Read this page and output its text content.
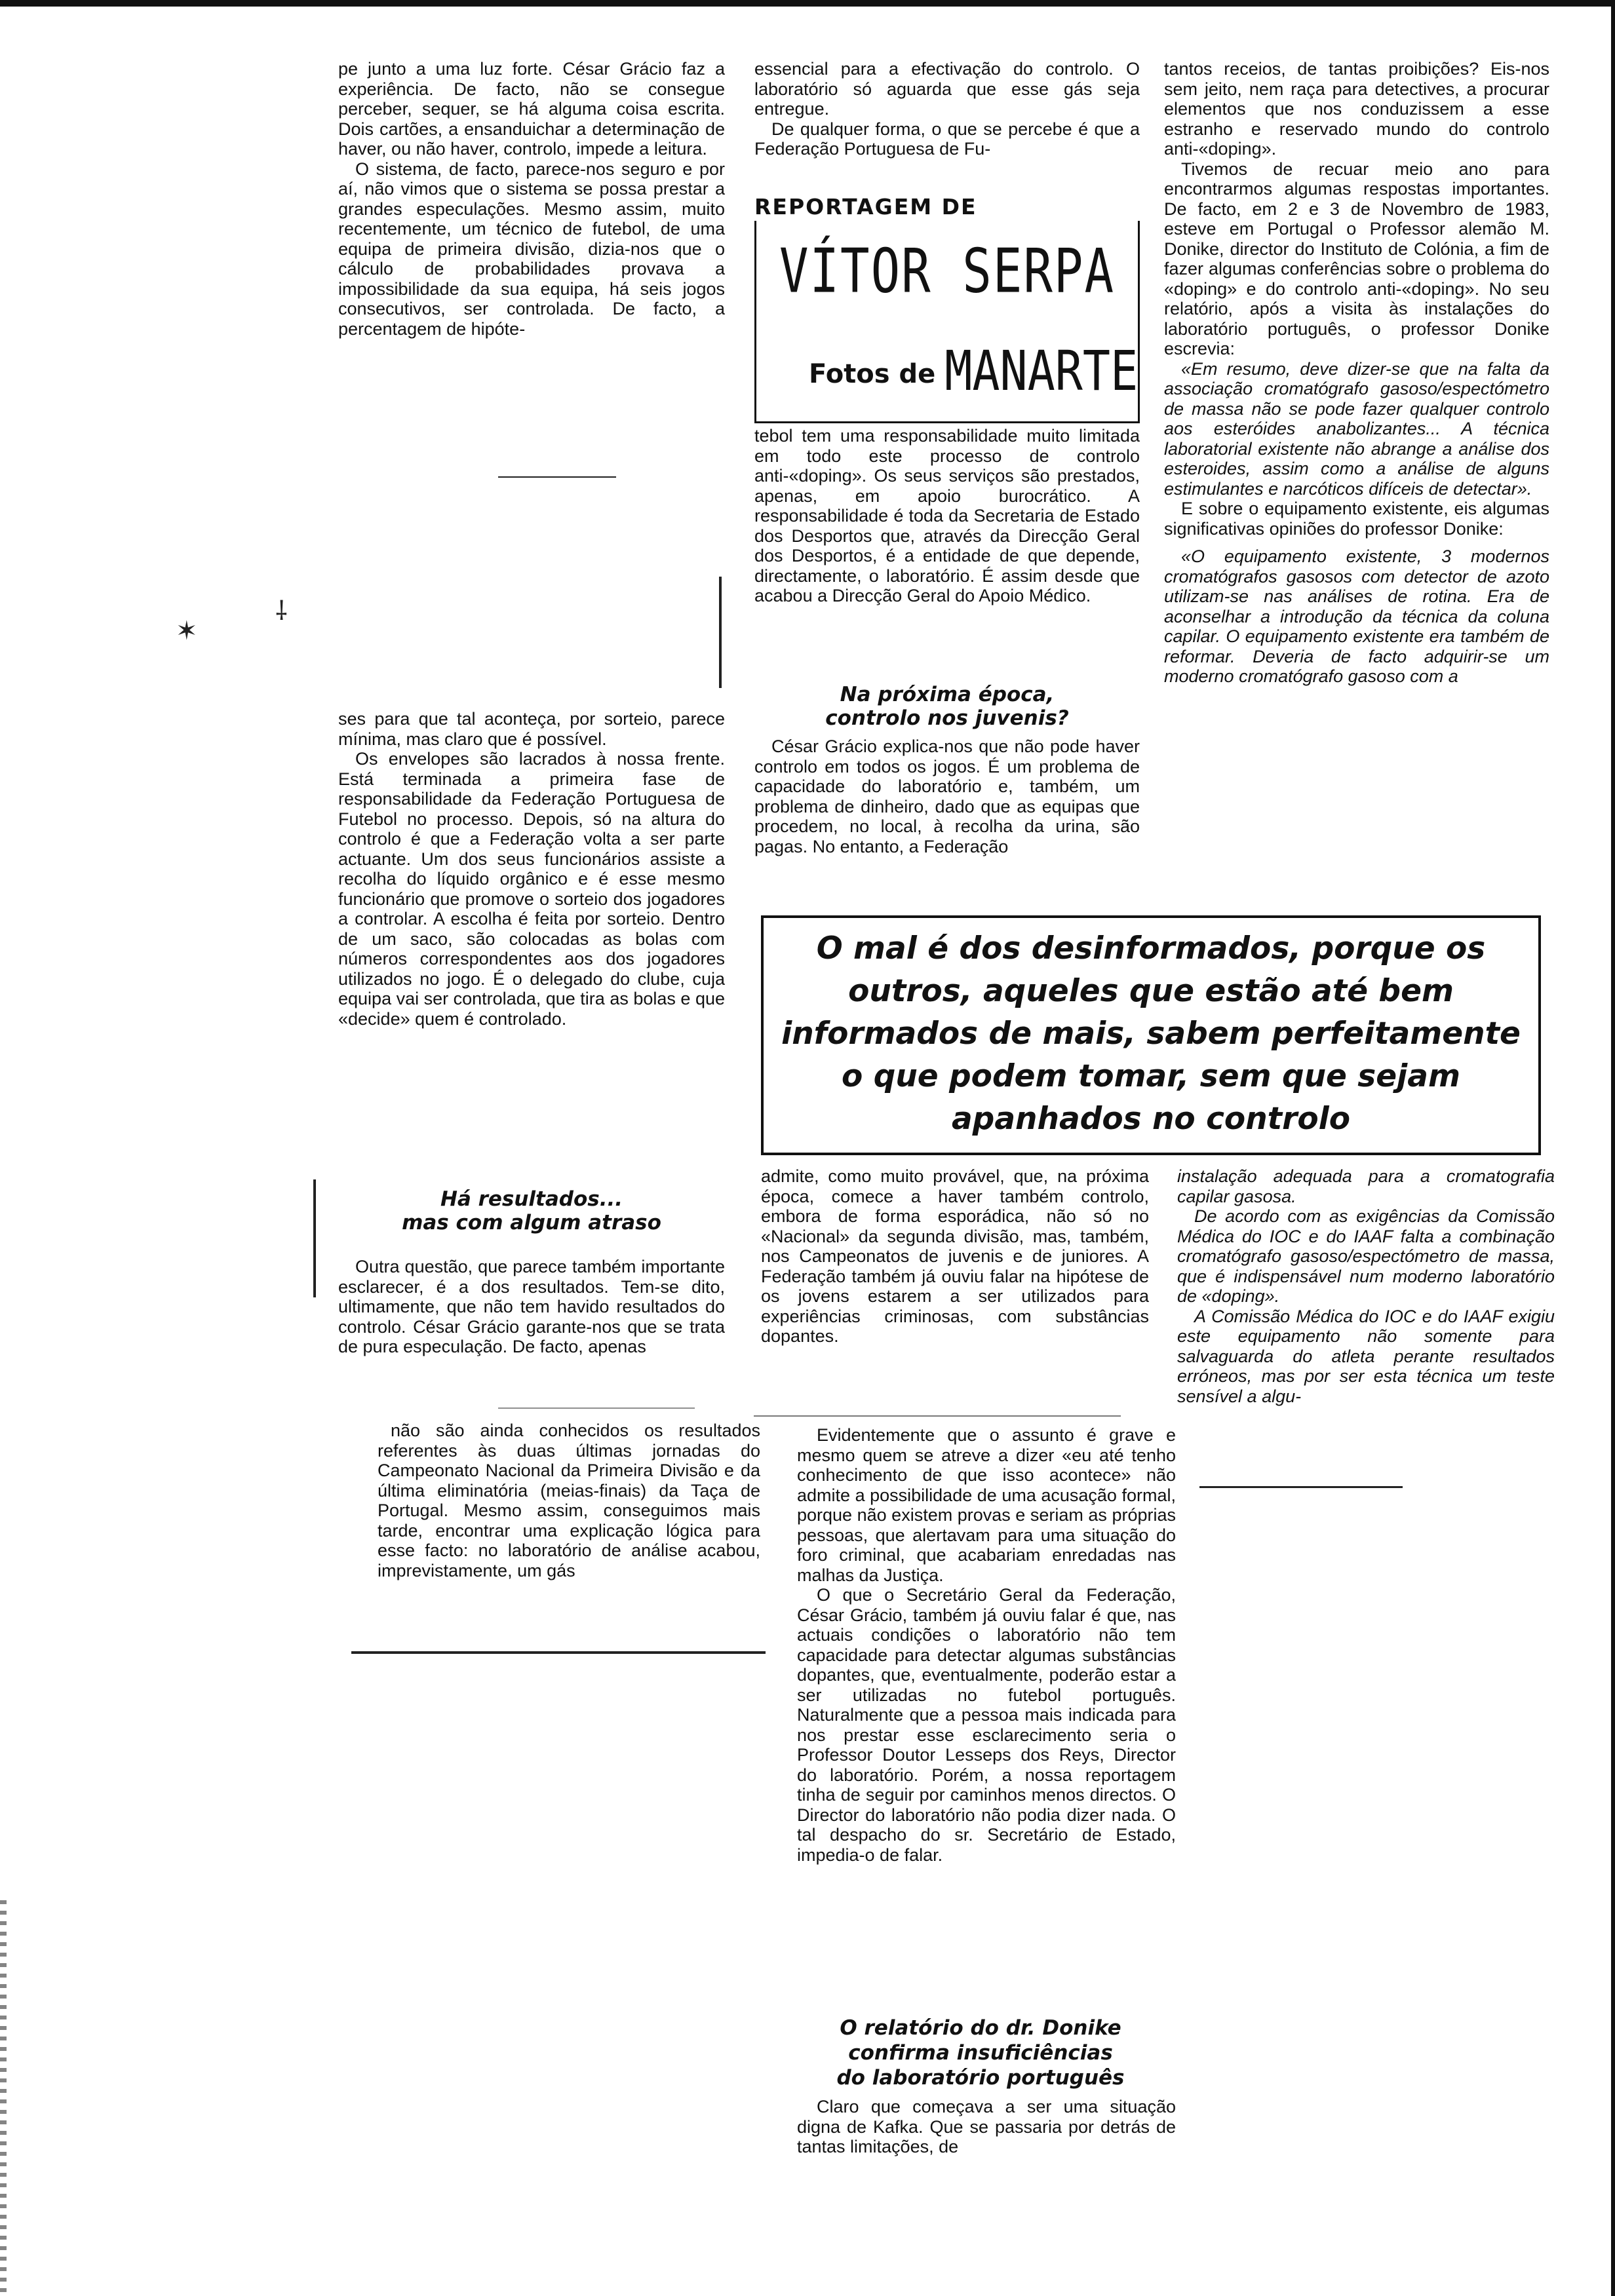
✶
⸸

pe junto a uma luz forte. César Grácio faz a experiência. De facto, não se consegue perceber, sequer, se há alguma coisa escrita. Dois cartões, a ensanduichar a determinação de haver, ou não haver, controlo, impede a leitura.

O sistema, de facto, parece-nos seguro e por aí, não vimos que o sistema se possa prestar a grandes especulações. Mesmo assim, muito recentemente, um técnico de futebol, de uma equipa de primeira divisão, dizia-nos que o cálculo de probabilidades provava a impossibilidade da sua equipa, há seis jogos consecutivos, ser controlada. De facto, a percentagem de hipóte-

ses para que tal aconteça, por sorteio, parece mínima, mas claro que é possível.

Os envelopes são lacrados à nossa frente. Está terminada a primeira fase de responsabilidade da Federação Portuguesa de Futebol no processo. Depois, só na altura do controlo é que a Federação volta a ser parte actuante. Um dos seus funcionários assiste a recolha do líquido orgânico e é esse mesmo funcionário que promove o sorteio dos jogadores a controlar. A escolha é feita por sorteio. Dentro de um saco, são colocadas as bolas com números correspondentes aos dos jogadores utilizados no jogo. É o delegado do clube, cuja equipa vai ser controlada, que tira as bolas e que «decide» quem é controlado.

Há resultados...
mas com algum atraso

Outra questão, que parece também importante esclarecer, é a dos resultados. Tem-se dito, ultimamente, que não tem havido resultados do controlo. César Grácio garante-nos que se trata de pura especulação. De facto, apenas

não são ainda conhecidos os resultados referentes às duas últimas jornadas do Campeonato Nacional da Primeira Divisão e da última eliminatória (meias-finais) da Taça de Portugal. Mesmo assim, conseguimos mais tarde, encontrar uma explicação lógica para esse facto: no laboratório de análise acabou, imprevistamente, um gás

essencial para a efectivação do controlo. O laboratório só aguarda que esse gás seja entregue.

De qualquer forma, o que se percebe é que a Federação Portuguesa de Fu-

REPORTAGEM DE
VÍTOR SERPA
Fotos de MANARTE

tebol tem uma responsabilidade muito limitada em todo este processo de controlo anti-«doping». Os seus serviços são prestados, apenas, em apoio burocrático. A responsabilidade é toda da Secretaria de Estado dos Desportos que, através da Direcção Geral dos Desportos, é a entidade de que depende, directamente, o laboratório. É assim desde que acabou a Direcção Geral do Apoio Médico.

Na próxima época,
controlo nos juvenis?

César Grácio explica-nos que não pode haver controlo em todos os jogos. É um problema de capacidade do laboratório e, também, um problema de dinheiro, dado que as equipas que procedem, no local, à recolha da urina, são pagas. No entanto, a Federação

O mal é dos desinformados, porque os outros, aqueles que estão até bem informados de mais, sabem perfeitamente o que podem tomar, sem que sejam apanhados no controlo

admite, como muito provável, que, na próxima época, comece a haver também controlo, embora de forma esporádica, não só no «Nacional» da segunda divisão, mas, também, nos Campeonatos de juvenis e de juniores. A Federação também já ouviu falar na hipótese de os jovens estarem a ser utilizados para experiências criminosas, com substâncias dopantes.

Evidentemente que o assunto é grave e mesmo quem se atreve a dizer «eu até tenho conhecimento de que isso acontece» não admite a possibilidade de uma acusação formal, porque não existem provas e seriam as próprias pessoas, que alertavam para uma situação do foro criminal, que acabariam enredadas nas malhas da Justiça.

O que o Secretário Geral da Federação, César Grácio, também já ouviu falar é que, nas actuais condições o laboratório não tem capacidade para detectar algumas substâncias dopantes, que, eventualmente, poderão estar a ser utilizadas no futebol português. Naturalmente que a pessoa mais indicada para nos prestar esse esclarecimento seria o Professor Doutor Lesseps dos Reys, Director do laboratório. Porém, a nossa reportagem tinha de seguir por caminhos menos directos. O Director do laboratório não podia dizer nada. O tal despacho do sr. Secretário de Estado, impedia-o de falar.

O relatório do dr. Donike
confirma insuficiências
do laboratório português

Claro que começava a ser uma situação digna de Kafka. Que se passaria por detrás de tantas limitações, de

tantos receios, de tantas proibições? Eis-nos sem jeito, nem raça para detectives, a procurar elementos que nos conduzissem a esse estranho e reservado mundo do controlo anti-«doping».

Tivemos de recuar meio ano para encontrarmos algumas respostas importantes. De facto, em 2 e 3 de Novembro de 1983, esteve em Portugal o Professor alemão M. Donike, director do Instituto de Colónia, a fim de fazer algumas conferências sobre o problema do «doping» e do controlo anti-«doping». No seu relatório, após a visita às instalações do laboratório português, o professor Donike escrevia:

«Em resumo, deve dizer-se que na falta da associação cromatógrafo gasoso/espectómetro de massa não se pode fazer qualquer controlo aos esteróides anabolizantes... A técnica laboratorial existente não abrange a análise dos esteroides, assim como a análise de alguns estimulantes e narcóticos difíceis de detectar».

E sobre o equipamento existente, eis algumas significativas opiniões do professor Donike:

«O equipamento existente, 3 modernos cromatógrafos gasosos com detector de azoto utilizam-se nas análises de rotina. Era de aconselhar a introdução da técnica da coluna capilar. O equipamento existente era também de reformar. Deveria de facto adquirir-se um moderno cromatógrafo gasoso com a

instalação adequada para a cromatografia capilar gasosa.

De acordo com as exigências da Comissão Médica do IOC e do IAAF falta a combinação cromatógrafo gasoso/espectómetro de massa, que é indispensável num moderno laboratório de «doping».

A Comissão Médica do IOC e do IAAF exigiu este equipamento não somente para salvaguarda do atleta perante resultados erróneos, mas por ser esta técnica um teste sensível a algu-
